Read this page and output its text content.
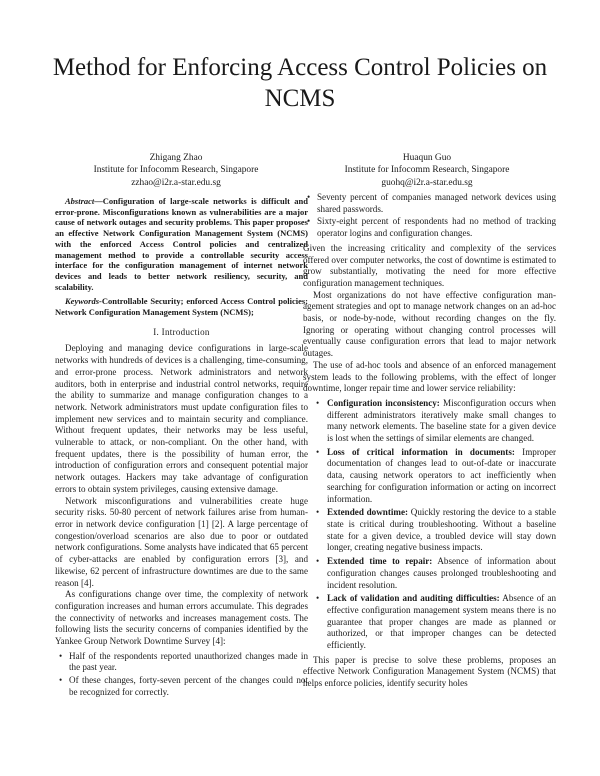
Method for Enforcing Access Control Policies on NCMS
Zhigang Zhao
Institute for Infocomm Research, Singapore
zzhao@i2r.a-star.edu.sg
Huaqun Guo
Institute for Infocomm Research, Singapore
guohq@i2r.a-star.edu.sg

Abstract—Configuration of large-scale networks is difficult and error-prone. Misconfigurations known as vulnerabilities are a major cause of network outages and security problems. This paper proposes an effective Network Configuration Management System (NCMS) with the enforced Access Control policies and centralized management method to provide a controllable security access interface for the configuration management of internet network devices and leads to better network resiliency, security, and scalability.

Keywords-Controllable Security; enforced Access Control policies; Network Configuration Management System (NCMS);

I. Introduction

Deploying and managing device configurations in large-scale networks with hundreds of devices is a challenging, time-consuming, and error-prone process. Network administrators and network auditors, both in enterprise and industrial control networks, require the ability to summarize and manage configuration changes to a network. Network administrators must update configuration files to implement new services and to maintain security and compliance. Without frequent updates, their networks may be less useful, vulnerable to attack, or non-compliant. On the other hand, with frequent updates, there is the possibility of human error, the introduction of configuration errors and consequent potential major network outages. Hackers may take advantage of configuration errors to obtain system privileges, causing extensive damage.

Network misconfigurations and vulnerabilities create huge security risks. 50-80 percent of network failures arise from human-error in network device configuration [1] [2]. A large percentage of congestion/overload scenarios are also due to poor or outdated network configurations. Some analysts have indicated that 65 percent of cyber-attacks are enabled by configuration errors [3], and likewise, 62 percent of infrastructure downtimes are due to the same reason [4].

As configurations change over time, the complexity of network configuration increases and human errors accumulate. This degrades the connectivity of networks and increases management costs. The following lists the security concerns of companies identified by the Yankee Group Network Downtime Survey [4]:

• Half of the respondents reported unauthorized changes made in the past year.
• Of these changes, forty-seven percent of the changes could not be recognized for correctly.
• Seventy percent of companies managed network devices using shared passwords.
• Sixty-eight percent of respondents had no method of tracking operator logins and configuration changes.

Given the increasing criticality and complexity of the services offered over computer networks, the cost of downtime is estimated to grow substantially, motivating the need for more effective configuration management techniques.

Most organizations do not have effective configuration management strategies and opt to manage network changes on an ad-hoc basis, or node-by-node, without recording changes on the fly. Ignoring or operating without changing control processes will eventually cause configuration errors that lead to major network outages.

The use of ad-hoc tools and absence of an enforced management system leads to the following problems, with the effect of longer downtime, longer repair time and lower service reliability:

• Configuration inconsistency: Misconfiguration occurs when different administrators iteratively make small changes to many network elements. The baseline state for a given device is lost when the settings of similar elements are changed.
• Loss of critical information in documents: Improper documentation of changes lead to out-of-date or inaccurate data, causing network operators to act inefficiently when searching for configuration information or acting on incorrect information.
• Extended downtime: Quickly restoring the device to a stable state is critical during troubleshooting. Without a baseline state for a given device, a troubled device will stay down longer, creating negative business impacts.
• Extended time to repair: Absence of information about configuration changes causes prolonged troubleshooting and incident resolution.
• Lack of validation and auditing difficulties: Absence of an effective configuration management system means there is no guarantee that proper changes are made as planned or authorized, or that improper changes can be detected efficiently.

This paper is precise to solve these problems, proposes an effective Network Configuration Management System (NCMS) that helps enforce policies, identify security holes
